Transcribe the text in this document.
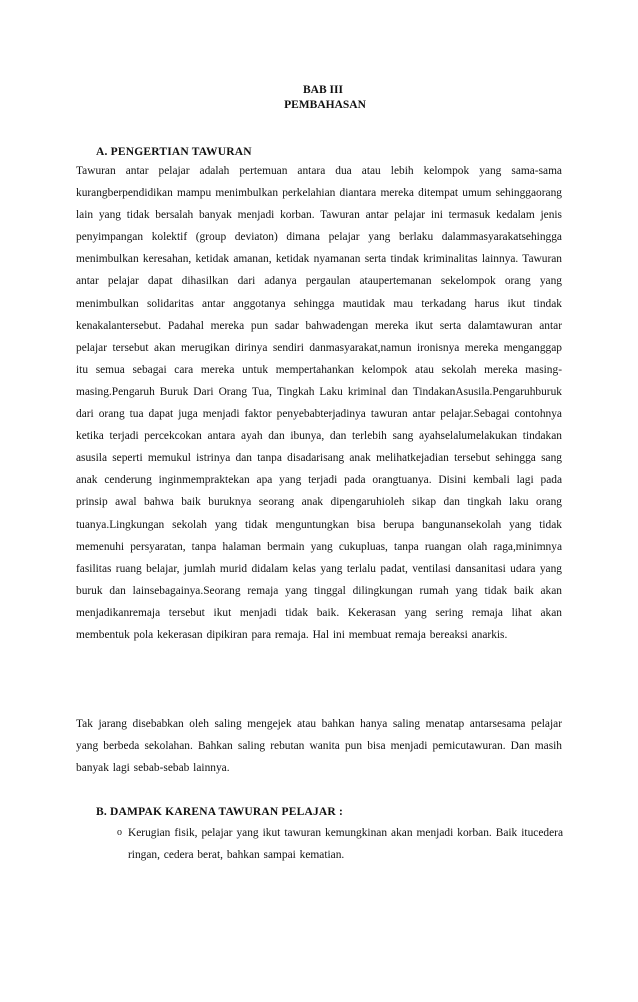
BAB III

PEMBAHASAN

A. PENGERTIAN TAWURAN

Tawuran antar pelajar adalah pertemuan antara dua atau lebih kelompok yang sama-sama kurangberpendidikan mampu menimbulkan perkelahian diantara mereka ditempat umum sehinggaorang lain yang tidak bersalah banyak menjadi korban. Tawuran antar pelajar ini termasuk kedalam jenis penyimpangan kolektif (group deviaton) dimana pelajar yang berlaku dalammasyarakatsehingga menimbulkan keresahan, ketidak amanan, ketidak nyamanan serta tindak kriminalitas lainnya. Tawuran antar pelajar dapat dihasilkan dari adanya pergaulan ataupertemanan sekelompok orang yang menimbulkan solidaritas antar anggotanya sehingga mautidak mau terkadang harus ikut tindak kenakalantersebut. Padahal mereka pun sadar bahwadengan mereka ikut serta dalamtawuran antar pelajar tersebut akan merugikan dirinya sendiri danmasyarakat,namun ironisnya mereka menganggap itu semua sebagai cara mereka untuk mempertahankan kelompok atau sekolah mereka masing-masing.Pengaruh Buruk Dari Orang Tua, Tingkah Laku kriminal dan TindakanAsusila.Pengaruhburuk dari orang tua dapat juga menjadi faktor penyebabterjadinya tawuran antar pelajar.Sebagai contohnya ketika terjadi percekcokan antara ayah dan ibunya, dan terlebih sang ayahselalumelakukan tindakan asusila seperti memukul istrinya dan tanpa disadarisang anak melihatkejadian tersebut sehingga sang anak cenderung inginmempraktekan apa yang terjadi pada orangtuanya. Disini kembali lagi pada prinsip awal bahwa baik buruknya seorang anak dipengaruhioleh sikap dan tingkah laku orang tuanya.Lingkungan sekolah yang tidak menguntungkan bisa berupa bangunansekolah yang tidak memenuhi persyaratan, tanpa halaman bermain yang cukupluas, tanpa ruangan olah raga,minimnya fasilitas ruang belajar, jumlah murid didalam kelas yang terlalu padat, ventilasi dansanitasi udara yang buruk dan lainsebagainya.Seorang remaja yang tinggal dilingkungan rumah yang tidak baik akan menjadikanremaja tersebut ikut menjadi tidak baik. Kekerasan yang sering remaja lihat akan membentuk pola kekerasan dipikiran para remaja. Hal ini membuat remaja bereaksi anarkis.

Tak jarang disebabkan oleh saling mengejek atau bahkan hanya saling menatap antarsesama pelajar yang berbeda sekolahan. Bahkan saling rebutan wanita pun bisa menjadi pemicutawuran. Dan masih banyak lagi sebab-sebab lainnya.

B. DAMPAK KARENA TAWURAN PELAJAR :

o Kerugian fisik, pelajar yang ikut tawuran kemungkinan akan menjadi korban. Baik itucedera ringan, cedera berat, bahkan sampai kematian.
